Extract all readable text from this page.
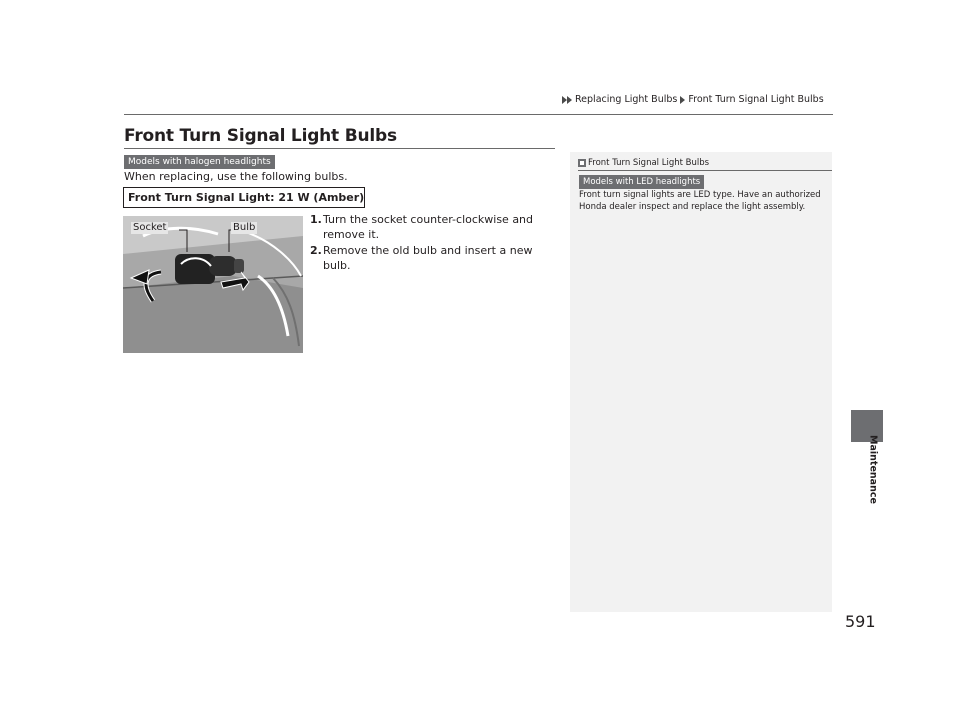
Replacing Light Bulbs Front Turn Signal Light Bulbs
Front Turn Signal Light Bulbs
Models with halogen headlights
When replacing, use the following bulbs.
Front Turn Signal Light: 21 W (Amber)
Socket	Bulb
1. Turn the socket counter-clockwise and remove it.
2. Remove the old bulb and insert a new bulb.
Front Turn Signal Light Bulbs
Models with LED headlights
Front turn signal lights are LED type. Have an authorized Honda dealer inspect and replace the light assembly.
Maintenance
591
